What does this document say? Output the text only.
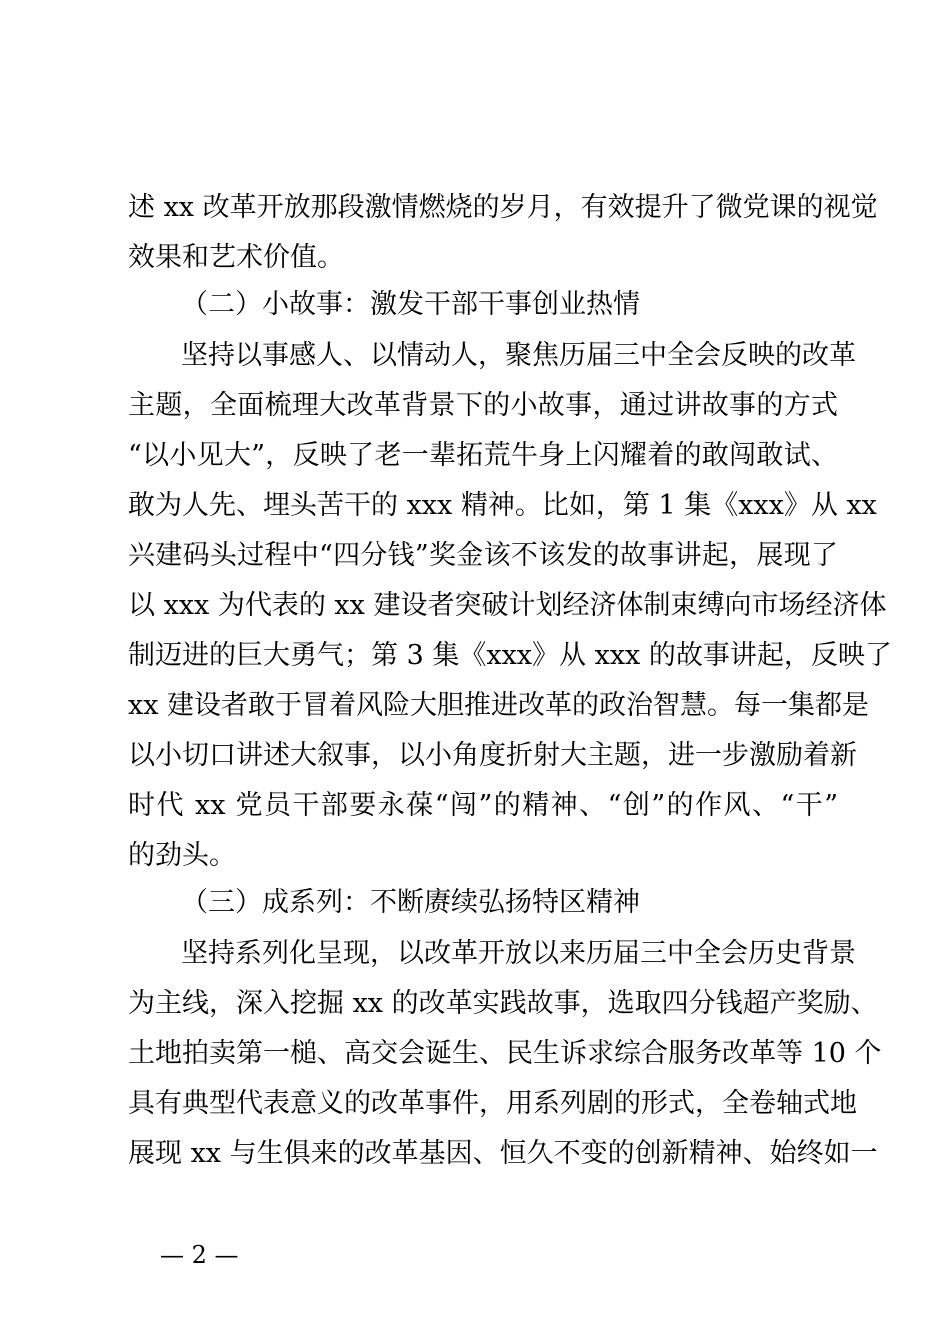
述 xx 改革开放那段激情燃烧的岁月，有效提升了微党课的视觉
效果和艺术价值。
（二）小故事：激发干部干事创业热情
坚持以事感人、以情动人，聚焦历届三中全会反映的改革
主题，全面梳理大改革背景下的小故事，通过讲故事的方式
“以小见大”，反映了老一辈拓荒牛身上闪耀着的敢闯敢试、
敢为人先、埋头苦干的 xxx 精神。比如，第 1 集《xxx》从 xx
兴建码头过程中“四分钱”奖金该不该发的故事讲起，展现了
以 xxx 为代表的 xx 建设者突破计划经济体制束缚向市场经济体
制迈进的巨大勇气；第 3 集《xxx》从 xxx 的故事讲起，反映了
xx 建设者敢于冒着风险大胆推进改革的政治智慧。每一集都是
以小切口讲述大叙事，以小角度折射大主题，进一步激励着新
时代 xx 党员干部要永葆“闯”的精神、“创”的作风、“干”
的劲头。
（三）成系列：不断赓续弘扬特区精神
坚持系列化呈现，以改革开放以来历届三中全会历史背景
为主线，深入挖掘 xx 的改革实践故事，选取四分钱超产奖励、
土地拍卖第一槌、高交会诞生、民生诉求综合服务改革等 10 个
具有典型代表意义的改革事件，用系列剧的形式，全卷轴式地
展现 xx 与生俱来的改革基因、恒久不变的创新精神、始终如一
— 2 —
